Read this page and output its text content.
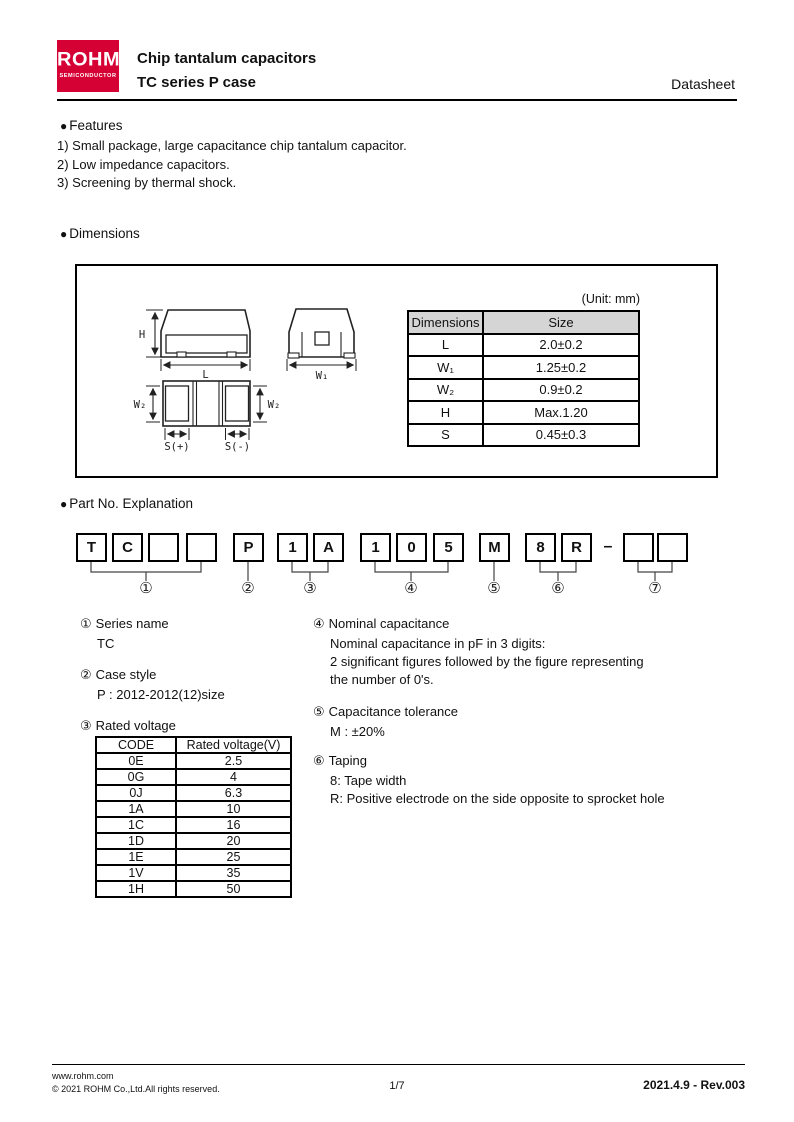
ROHM
SEMICONDUCTOR
Chip tantalum capacitors
TC series P case	Datasheet
● Features
1) Small package, large capacitance chip tantalum capacitor.
2) Low impedance capacitors.
3) Screening by thermal shock.
● Dimensions
H
L	W₁
W₂	W₂
S(+)	S(-)
(Unit: mm)
Dimensions	Size
L	2.0±0.2
W₁	1.25±0.2
W₂	0.9±0.2
H	Max.1.20
S	0.45±0.3
● Part No. Explanation
T	C	P	1	A	1	0	5	M	8	R	–
①	②	③	④	⑤	⑥	⑦
① Series name
TC
② Case style
P : 2012-2012(12)size
③ Rated voltage
CODE	Rated voltage(V)
0E	2.5
0G	4
0J	6.3
1A	10
1C	16
1D	20
1E	25
1V	35
1H	50
④ Nominal capacitance
Nominal capacitance in pF in 3 digits:
2 significant figures followed by the figure representing
the number of 0's.
⑤ Capacitance tolerance
M : ±20%
⑥ Taping
8: Tape width
R: Positive electrode on the side opposite to sprocket hole
www.rohm.com
© 2021 ROHM Co.,Ltd.All rights reserved.	1/7	2021.4.9 - Rev.003
